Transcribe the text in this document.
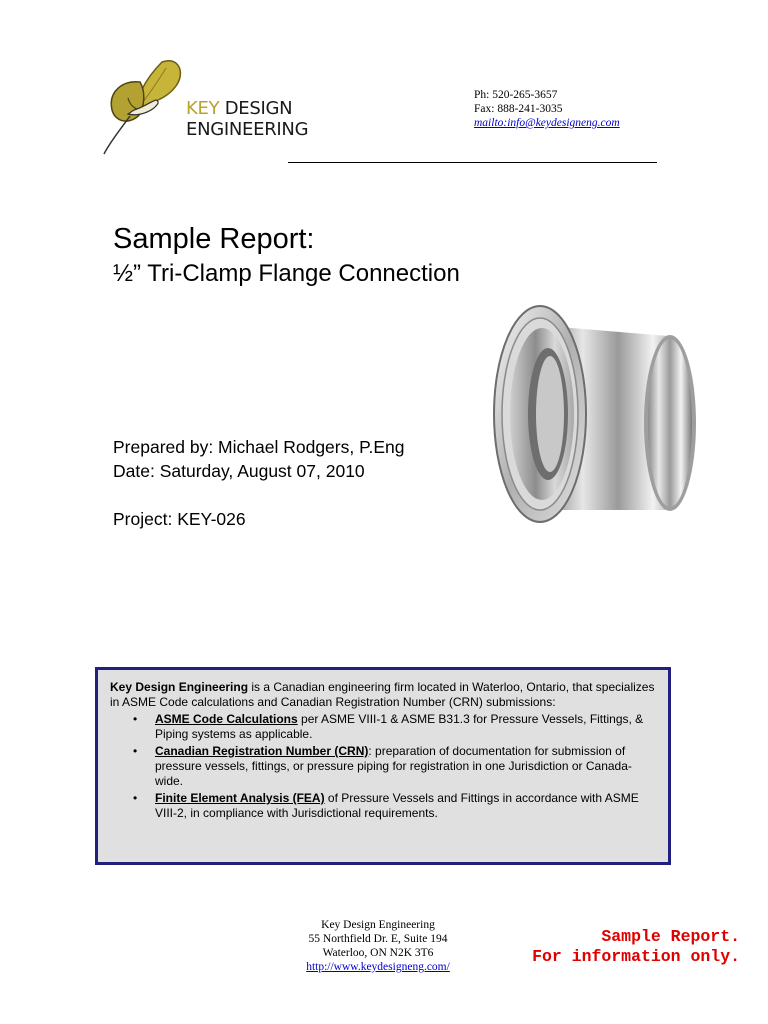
KEY DESIGN
ENGINEERING
Ph: 520-265-3657
Fax: 888-241-3035
mailto:info@keydesigneng.com
Sample Report:
½” Tri-Clamp Flange Connection
Prepared by: Michael Rodgers, P.Eng
Date: Saturday, August 07, 2010
Project: KEY-026

Key Design Engineering is a Canadian engineering firm located in Waterloo, Ontario, that specializes in ASME Code calculations and Canadian Registration Number (CRN) submissions:

• ASME Code Calculations per ASME VIII-1 & ASME B31.3 for Pressure Vessels, Fittings, & Piping systems as applicable.
• Canadian Registration Number (CRN): preparation of documentation for submission of pressure vessels, fittings, or pressure piping for registration in one Jurisdiction or Canada-wide.
• Finite Element Analysis (FEA) of Pressure Vessels and Fittings in accordance with ASME VIII-2, in compliance with Jurisdictional requirements.
Key Design Engineering
55 Northfield Dr. E, Suite 194
Waterloo, ON N2K 3T6
http://www.keydesigneng.com/
Sample Report.
For information only.
